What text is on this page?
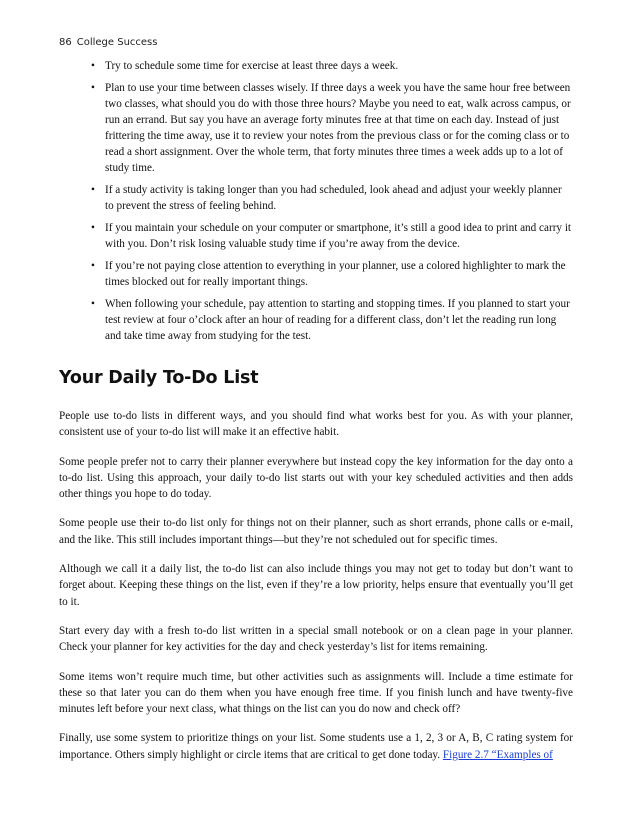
86 College Success
• Try to schedule some time for exercise at least three days a week.
• Plan to use your time between classes wisely. If three days a week you have the same hour free between two classes, what should you do with those three hours? Maybe you need to eat, walk across campus, or run an errand. But say you have an average forty minutes free at that time on each day. Instead of just frittering the time away, use it to review your notes from the previous class or for the coming class or to read a short assignment. Over the whole term, that forty minutes three times a week adds up to a lot of study time.
• If a study activity is taking longer than you had scheduled, look ahead and adjust your weekly planner to prevent the stress of feeling behind.
• If you maintain your schedule on your computer or smartphone, it’s still a good idea to print and carry it with you. Don’t risk losing valuable study time if you’re away from the device.
• If you’re not paying close attention to everything in your planner, use a colored highlighter to mark the times blocked out for really important things.
• When following your schedule, pay attention to starting and stopping times. If you planned to start your test review at four o’clock after an hour of reading for a different class, don’t let the reading run long and take time away from studying for the test.
Your Daily To-Do List

People use to-do lists in different ways, and you should find what works best for you. As with your planner, consistent use of your to-do list will make it an effective habit.

Some people prefer not to carry their planner everywhere but instead copy the key information for the day onto a to-do list. Using this approach, your daily to-do list starts out with your key scheduled activities and then adds other things you hope to do today.

Some people use their to-do list only for things not on their planner, such as short errands, phone calls or e-mail, and the like. This still includes important things—but they’re not scheduled out for specific times.

Although we call it a daily list, the to-do list can also include things you may not get to today but don’t want to forget about. Keeping these things on the list, even if they’re a low priority, helps ensure that eventually you’ll get to it.

Start every day with a fresh to-do list written in a special small notebook or on a clean page in your planner. Check your planner for key activities for the day and check yesterday’s list for items remaining.

Some items won’t require much time, but other activities such as assignments will. Include a time estimate for these so that later you can do them when you have enough free time. If you finish lunch and have twenty-five minutes left before your next class, what things on the list can you do now and check off?

Finally, use some system to prioritize things on your list. Some students use a 1, 2, 3 or A, B, C rating system for importance. Others simply highlight or circle items that are critical to get done today. Figure 2.7 “Examples of
